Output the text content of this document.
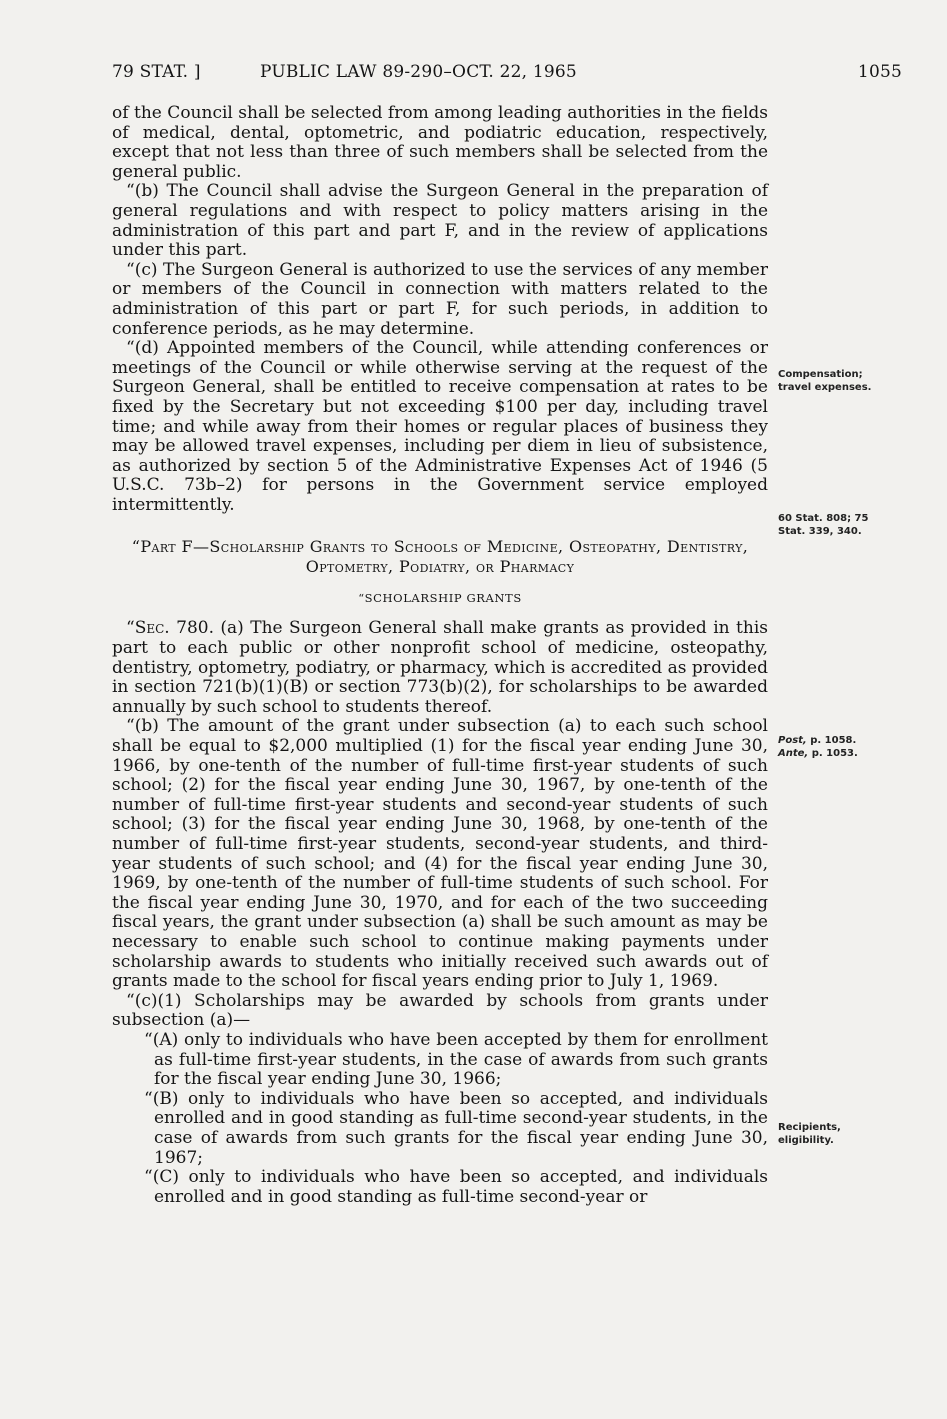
79 STAT. ]	PUBLIC LAW 89-290–OCT. 22, 1965	1055

of the Council shall be selected from among leading authorities in the fields of medical, dental, optometric, and podiatric education, respectively, except that not less than three of such members shall be selected from the general public.

“(b) The Council shall advise the Surgeon General in the preparation of general regulations and with respect to policy matters arising in the administration of this part and part F, and in the review of applications under this part.

“(c) The Surgeon General is authorized to use the services of any member or members of the Council in connection with matters related to the administration of this part or part F, for such periods, in addition to conference periods, as he may determine.

“(d) Appointed members of the Council, while attending conferences or meetings of the Council or while otherwise serving at the request of the Surgeon General, shall be entitled to receive compensation at rates to be fixed by the Secretary but not exceeding $100 per day, including travel time; and while away from their homes or regular places of business they may be allowed travel expenses, including per diem in lieu of subsistence, as authorized by section 5 of the Administrative Expenses Act of 1946 (5 U.S.C. 73b–2) for persons in the Government service employed intermittently.

“Part F—Scholarship Grants to Schools of Medicine, Osteopathy, Dentistry, Optometry, Podiatry, or Pharmacy
“SCHOLARSHIP GRANTS

“Sec. 780. (a) The Surgeon General shall make grants as provided in this part to each public or other nonprofit school of medicine, osteopathy, dentistry, optometry, podiatry, or pharmacy, which is accredited as provided in section 721(b)(1)(B) or section 773(b)(2), for scholarships to be awarded annually by such school to students thereof.

“(b) The amount of the grant under subsection (a) to each such school shall be equal to $2,000 multiplied (1) for the fiscal year ending June 30, 1966, by one-tenth of the number of full-time first-year students of such school; (2) for the fiscal year ending June 30, 1967, by one-tenth of the number of full-time first-year students and second-year students of such school; (3) for the fiscal year ending June 30, 1968, by one-tenth of the number of full-time first-year students, second-year students, and third-year students of such school; and (4) for the fiscal year ending June 30, 1969, by one-tenth of the number of full-time students of such school. For the fiscal year ending June 30, 1970, and for each of the two succeeding fiscal years, the grant under subsection (a) shall be such amount as may be necessary to enable such school to continue making payments under scholarship awards to students who initially received such awards out of grants made to the school for fiscal years ending prior to July 1, 1969.

“(c)(1) Scholarships may be awarded by schools from grants under subsection (a)—

“(A) only to individuals who have been accepted by them for enrollment as full-time first-year students, in the case of awards from such grants for the fiscal year ending June 30, 1966;

“(B) only to individuals who have been so accepted, and individuals enrolled and in good standing as full-time second-year students, in the case of awards from such grants for the fiscal year ending June 30, 1967;

“(C) only to individuals who have been so accepted, and individuals enrolled and in good standing as full-time second-year or

Compensation;
travel expenses.
60 Stat. 808; 75
Stat. 339, 340.
Post, p. 1058.
Ante, p. 1053.
Recipients,
eligibility.
